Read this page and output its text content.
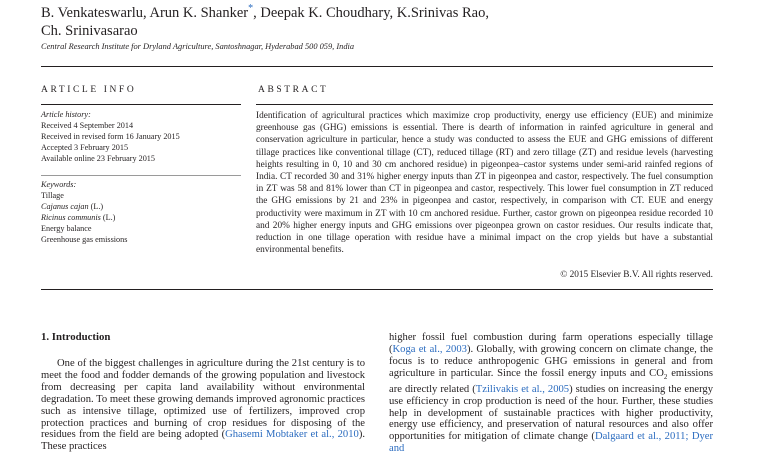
B. Venkateswarlu, Arun K. Shanker*, Deepak K. Choudhary, K.Srinivas Rao,
Ch. Srinivasarao
Central Research Institute for Dryland Agriculture, Santoshnagar, Hyderabad 500 059, India
ARTICLE INFO	ABSTRACT
Article history:
Received 4 September 2014
Received in revised form 16 January 2015
Accepted 3 February 2015
Available online 23 February 2015
Keywords:
Tillage
Cajanus cajan (L.)
Ricinus communis (L.)
Energy balance
Greenhouse gas emissions
Identification of agricultural practices which maximize crop productivity, energy use efficiency (EUE) and minimize greenhouse gas (GHG) emissions is essential. There is dearth of information in rainfed agriculture in general and conservation agriculture in particular, hence a study was conducted to assess the EUE and GHG emissions of different tillage practices like conventional tillage (CT), reduced tillage (RT) and zero tillage (ZT) and residue levels (harvesting heights resulting in 0, 10 and 30 cm anchored residue) in pigeonpea–castor systems under semi-arid rainfed regions of India. CT recorded 30 and 31% higher energy inputs than ZT in pigeonpea and castor, respectively. The fuel consumption in ZT was 58 and 81% lower than CT in pigeonpea and castor, respectively. This lower fuel consumption in ZT reduced the GHG emissions by 21 and 23% in pigeonpea and castor, respectively, in comparison with CT. EUE and energy productivity were maximum in ZT with 10 cm anchored residue. Further, castor grown on pigeonpea residue recorded 10 and 20% higher energy inputs and GHG emissions over pigeonpea grown on castor residues. Our results indicate that, reduction in one tillage operation with residue have a minimal impact on the crop yields but have a substantial environmental benefits.
© 2015 Elsevier B.V. All rights reserved.
1. Introduction
One of the biggest challenges in agriculture during the 21st century is to meet the food and fodder demands of the growing population and livestock from decreasing per capita land availability without environmental degradation. To meet these growing demands improved agronomic practices such as intensive tillage, optimized use of fertilizers, improved crop protection practices and burning of crop residues for disposing of the residues from the field are being adopted (Ghasemi Mobtaker et al., 2010). These practices
higher fossil fuel combustion during farm operations especially tillage (Koga et al., 2003). Globally, with growing concern on climate change, the focus is to reduce anthropogenic GHG emissions in general and from agriculture in particular. Since the fossil energy inputs and $CO_2$ emissions are directly related (Tzilivakis et al., 2005) studies on increasing the energy use efficiency in crop production is need of the hour. Further, these studies help in development of sustainable practices with higher productivity, energy use efficiency, and preservation of natural resources and also offer opportunities for mitigation of climate change (Dalgaard et al., 2011; Dyer and
